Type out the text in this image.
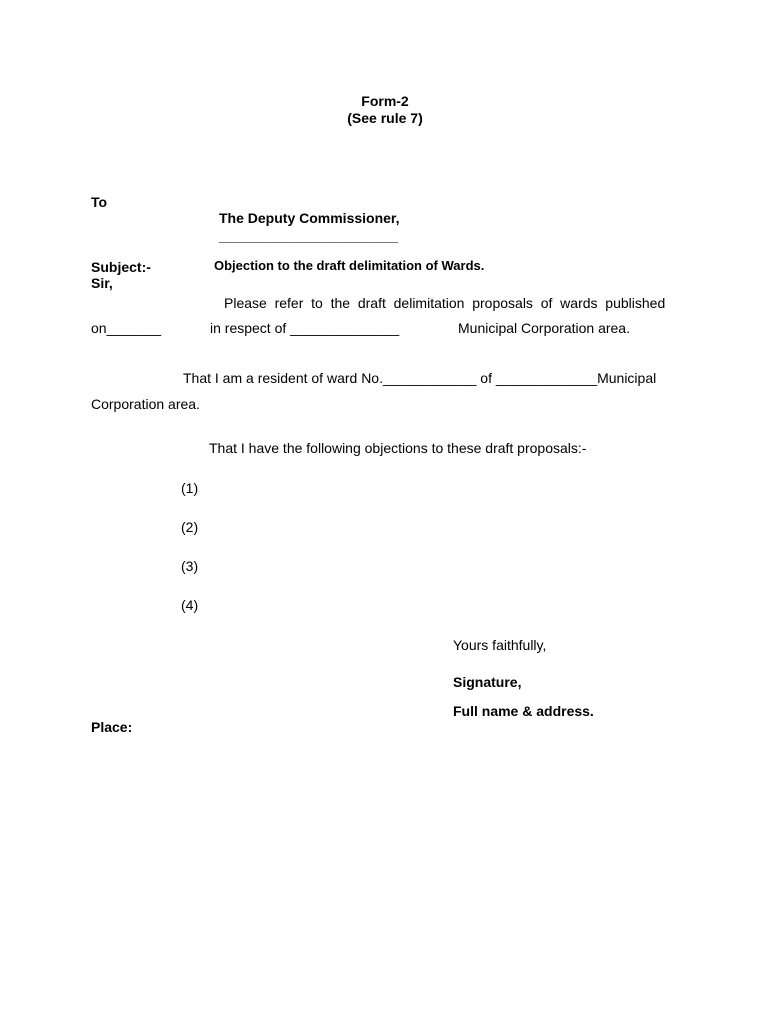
Form-2
(See rule 7)
To
The Deputy Commissioner,
_______________________
Subject:-	Objection to the draft delimitation of Wards.
Sir,
Please  refer  to  the  draft  delimitation  proposals  of  wards  published
on_______	in respect of ______________	Municipal Corporation area.
That I am a resident of ward No.____________ of _____________Municipal
Corporation area.
That I have the following objections to these draft proposals:-
(1)
(2)
(3)
(4)
Yours faithfully,
Signature,
Full name & address.
Place:
